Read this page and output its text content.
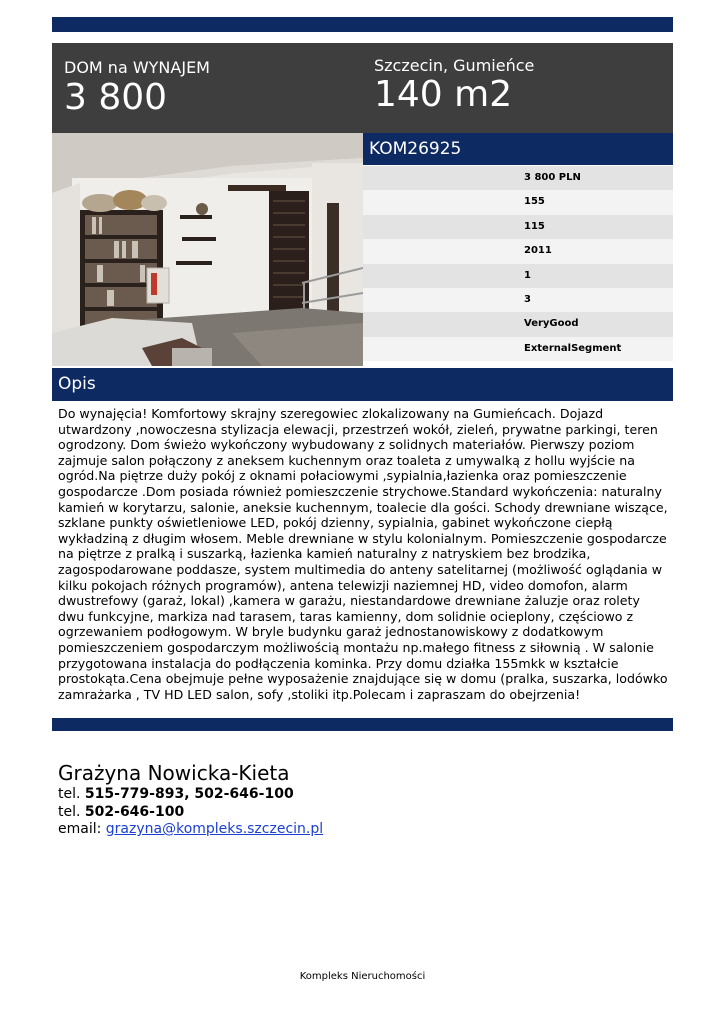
DOM na WYNAJEM
3 800
Szczecin, Gumieńce
140 m2
KOM26925
3 800 PLN
155
115
2011
1
3
VeryGood
ExternalSegment
Opis

Do wynajęcia! Komfortowy skrajny szeregowiec zlokalizowany na Gumieńcach. Dojazd utwardzony ,nowoczesna stylizacja elewacji, przestrzeń wokół, zieleń, prywatne parkingi, teren ogrodzony. Dom świeżo wykończony wybudowany z solidnych materiałów. Pierwszy poziom zajmuje salon połączony z aneksem kuchennym oraz toaleta z umywalką z hollu wyjście na ogród.Na piętrze duży pokój z oknami połaciowymi ,sypialnia,łazienka oraz pomieszczenie gospodarcze .Dom posiada również pomieszczenie strychowe.Standard wykończenia: naturalny kamień w korytarzu, salonie, aneksie kuchennym, toalecie dla gości. Schody drewniane wiszące, szklane punkty oświetleniowe LED, pokój dzienny, sypialnia, gabinet wykończone ciepłą wykładziną z długim włosem. Meble drewniane w stylu kolonialnym. Pomieszczenie gospodarcze na piętrze z pralką i suszarką, łazienka kamień naturalny z natryskiem bez brodzika, zagospodarowane poddasze, system multimedia do anteny satelitarnej (możliwość oglądania w kilku pokojach różnych programów), antena telewizji naziemnej HD, video domofon, alarm dwustrefowy (garaż, lokal) ,kamera w garażu, niestandardowe drewniane żaluzje oraz rolety dwu funkcyjne, markiza nad tarasem, taras kamienny, dom solidnie ocieplony, częściowo z ogrzewaniem podłogowym. W bryle budynku garaż jednostanowiskowy z dodatkowym pomieszczeniem gospodarczym możliwością montażu np.małego fitness z siłownią . W salonie przygotowana instalacja do podłączenia kominka. Przy domu działka 155mkk w kształcie prostokąta.Cena obejmuje pełne wyposażenie znajdujące się w domu (pralka, suszarka, lodówko zamrażarka , TV HD LED salon, sofy ,stoliki itp.Polecam i zapraszam do obejrzenia!

Grażyna Nowicka-Kieta
tel. 515-779-893, 502-646-100
tel. 502-646-100
email: grazyna@kompleks.szczecin.pl
Kompleks Nieruchomości
